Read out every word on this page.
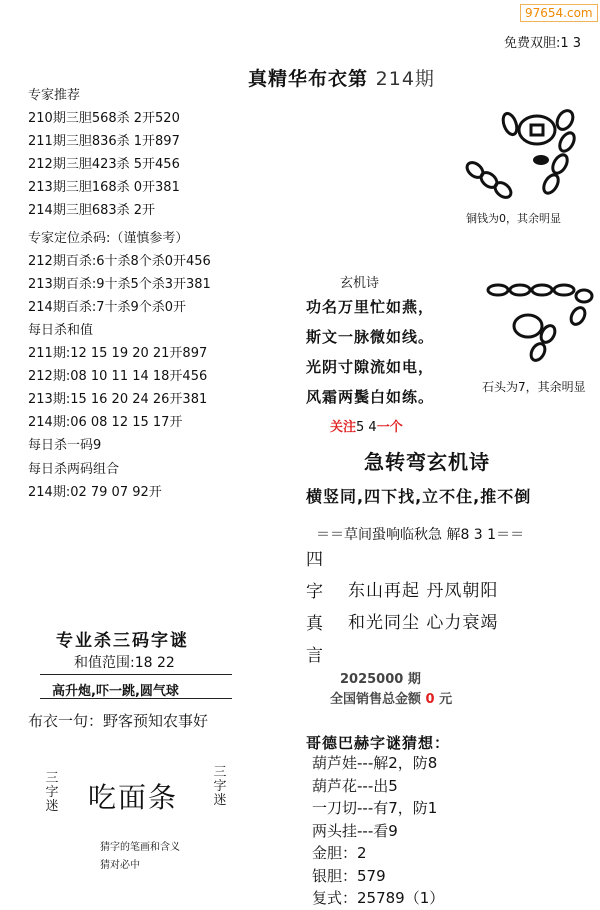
97654.com
免费双胆:1 3
真精华布衣第 214期
专家推荐
210期三胆568杀 2开520
211期三胆836杀 1开897
212期三胆423杀 5开456
213期三胆168杀 0开381
214期三胆683杀 2开
专家定位杀码:（谨慎参考）
212期百杀:6十杀8个杀0开456
213期百杀:9十杀5个杀3开381
214期百杀:7十杀9个杀0开
每日杀和值
211期:12 15 19 20 21开897
212期:08 10 11 14 18开456
213期:15 16 20 24 26开381
214期:06 08 12 15 17开
每日杀一码9
每日杀两码组合
214期:02 79 07 92开
铜钱为0，其余明显
石头为7，其余明显
玄机诗
功名万里忙如燕，
斯文一脉微如线。
光阴寸隙流如电，
风霜两鬓白如练。
关注5 4一个
急转弯玄机诗
横竖同,四下找,立不住,推不倒
＝＝草间蛩响临秋急 解8 3 1＝＝
四
字
真
言
东山再起 丹凤朝阳
和光同尘 心力衰竭
2025000 期
全国销售总金额 0 元
哥德巴赫字谜猜想：
葫芦娃---解2，防8
葫芦花---出5
一刀切---有7，防1
两头挂---看9
金胆：2
银胆：579
复式：25789（1）
专业杀三码字谜
和值范围:18 22
高升炮,吓一跳,圆气球
布衣一句：野客预知农事好
三字迷 吃面条
三字迷
猜字的笔画和含义
猜对必中
